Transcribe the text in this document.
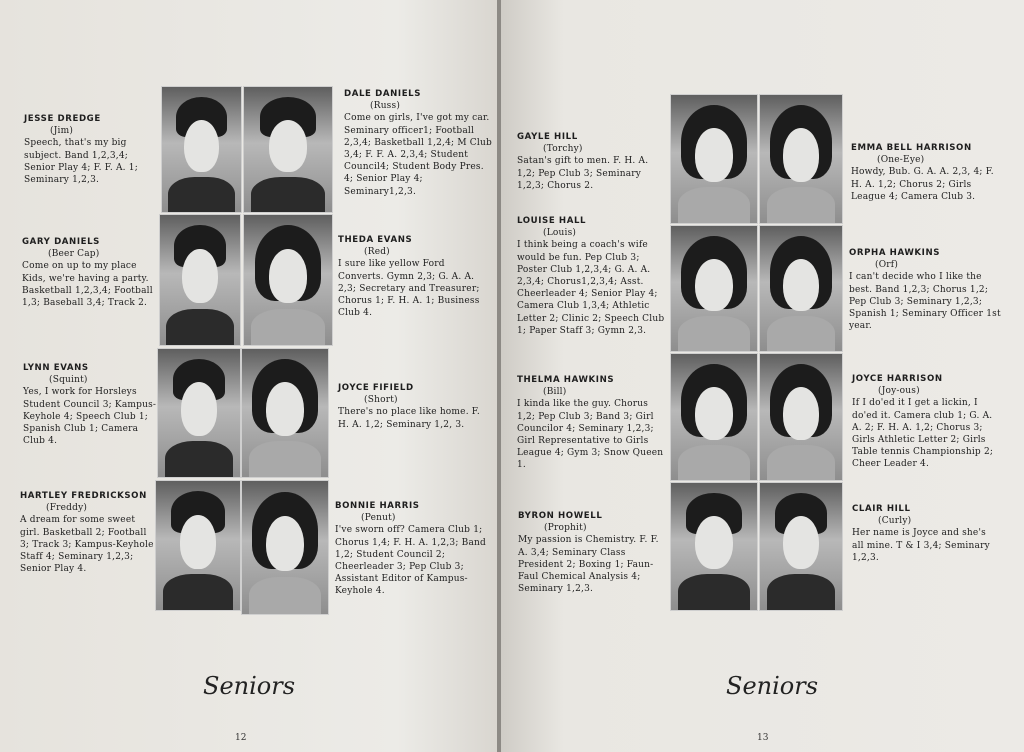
JESSE DREDGE
(Jim)
Speech, that's my big subject. Band 1,2,3,4; Senior Play 4; F. F. A. 1; Seminary 1,2,3.
GARY DANIELS
(Beer Cap)
Come on up to my place Kids, we're having a party. Basketball 1,2,3,4; Football 1,3; Baseball 3,4; Track 2.
LYNN EVANS
(Squint)
Yes, I work for Horsleys Student Council 3; Kampus-Keyhole 4; Speech Club 1; Spanish Club 1; Camera Club 4.
HARTLEY FREDRICKSON
(Freddy)
A dream for some sweet girl. Basketball 2; Football 3; Track 3; Kampus-Keyhole Staff 4; Seminary 1,2,3; Senior Play 4.
DALE DANIELS
(Russ)
Come on girls, I've got my car. Seminary officer1; Football 2,3,4; Basketball 1,2,4; M Club 3,4; F. F. A. 2,3,4; Student Council4; Student Body Pres. 4; Senior Play 4; Seminary1,2,3.
THEDA EVANS
(Red)
I sure like yellow Ford Converts. Gymn 2,3; G. A. A. 2,3; Secretary and Treasurer; Chorus 1; F. H. A. 1; Business Club 4.
JOYCE FIFIELD
(Short)
There's no place like home. F. H. A. 1,2; Seminary 1,2, 3.
BONNIE HARRIS
(Penut)
I've sworn off? Camera Club 1; Chorus 1,4; F. H. A. 1,2,3; Band 1,2; Student Council 2; Cheerleader 3; Pep Club 3; Assistant Editor of Kampus-Keyhole 4.
Seniors
12
GAYLE HILL
(Torchy)
Satan's gift to men. F. H. A. 1,2; Pep Club 3; Seminary 1,2,3; Chorus 2.
LOUISE HALL
(Louis)
I think being a coach's wife would be fun. Pep Club 3; Poster Club 1,2,3,4; G. A. A. 2,3,4; Chorus1,2,3,4; Asst. Cheerleader 4; Senior Play 4; Camera Club 1,3,4; Athletic Letter 2; Clinic 2; Speech Club 1; Paper Staff 3; Gymn 2,3.
THELMA HAWKINS
(Bill)
I kinda like the guy. Chorus 1,2; Pep Club 3; Band 3; Girl Councilor 4; Seminary 1,2,3; Girl Representative to Girls League 4; Gym 3; Snow Queen 1.
BYRON HOWELL
(Prophit)
My passion is Chemistry. F. F. A. 3,4; Seminary Class President 2; Boxing 1; Faun-Faul Chemical Analysis 4; Seminary 1,2,3.
EMMA BELL HARRISON
(One-Eye)
Howdy, Bub. G. A. A. 2,3, 4; F. H. A. 1,2; Chorus 2; Girls League 4; Camera Club 3.
ORPHA HAWKINS
(Orf)
I can't decide who I like the best. Band 1,2,3; Chorus 1,2; Pep Club 3; Seminary 1,2,3; Spanish 1; Seminary Officer 1st year.
JOYCE HARRISON
(Joy-ous)
If I do'ed it I get a lickin, I do'ed it. Camera club 1; G. A. A. 2; F. H. A. 1,2; Chorus 3; Girls Athletic Letter 2; Girls Table tennis Championship 2; Cheer Leader 4.
CLAIR HILL
(Curly)
Her name is Joyce and she's all mine. T & I 3,4; Seminary 1,2,3.
Seniors
13
